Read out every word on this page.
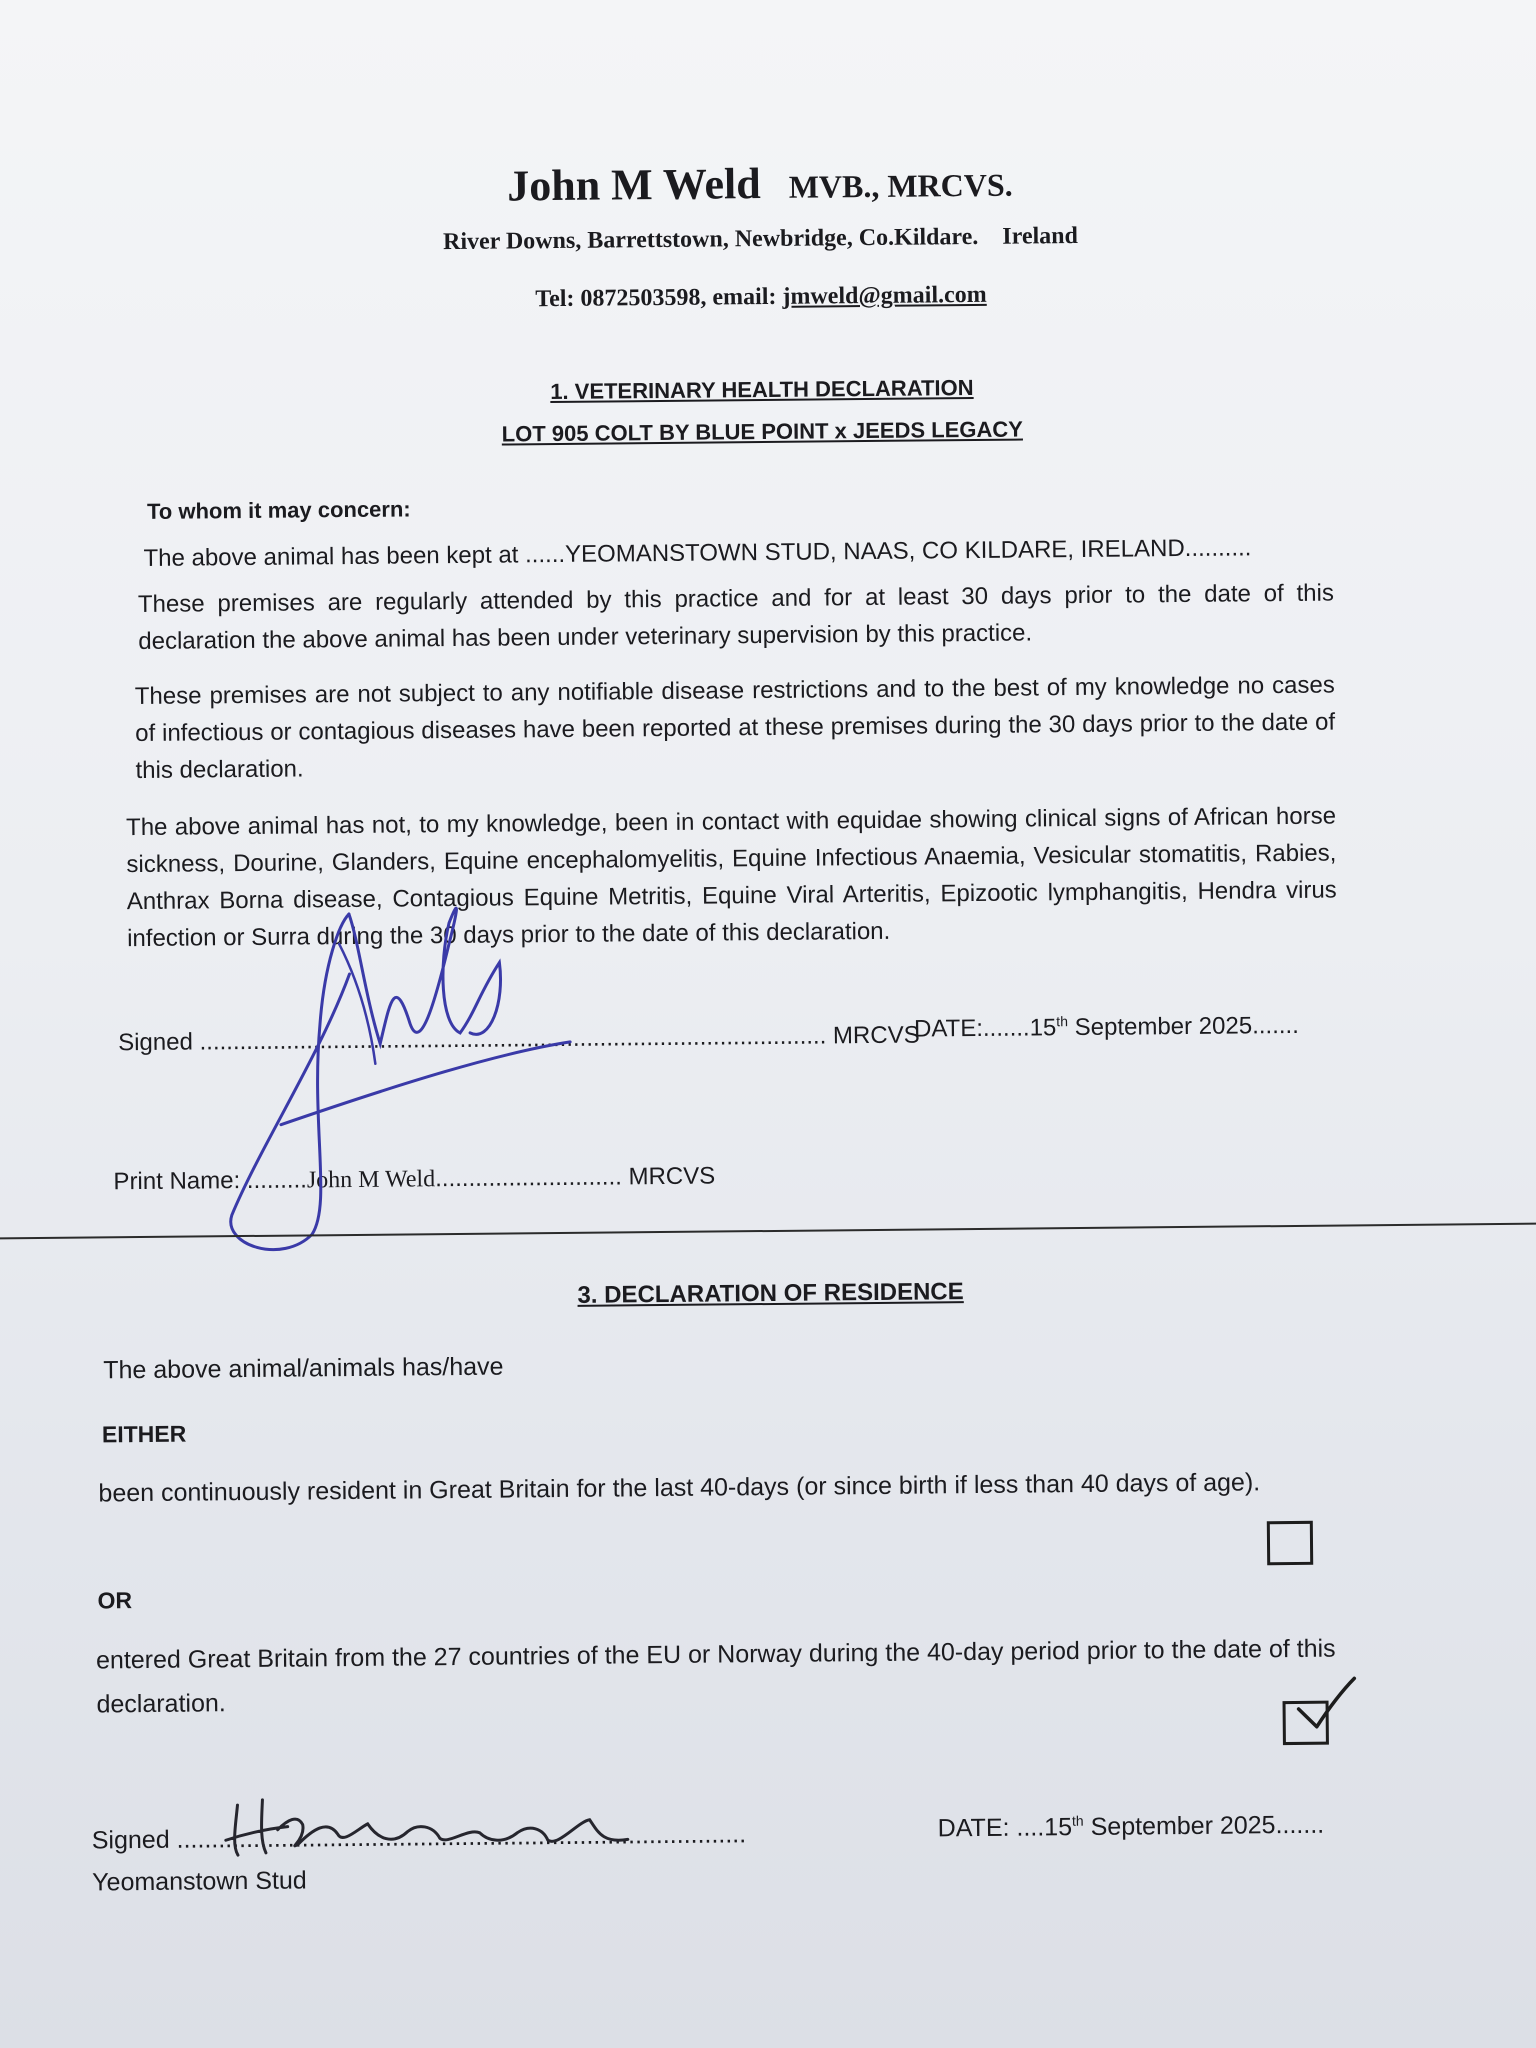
John M Weld MVB., MRCVS.
River Downs, Barrettstown, Newbridge, Co.Kildare. Ireland
Tel: 0872503598, email: jmweld@gmail.com
1. VETERINARY HEALTH DECLARATION
LOT 905 COLT BY BLUE POINT x JEEDS LEGACY
To whom it may concern:
The above animal has been kept at ......YEOMANSTOWN STUD, NAAS, CO KILDARE, IRELAND..........
These premises are regularly attended by this practice and for at least 30 days prior to the date of this declaration the above animal has been under veterinary supervision by this practice.
These premises are not subject to any notifiable disease restrictions and to the best of my knowledge no cases of infectious or contagious diseases have been reported at these premises during the 30 days prior to the date of this declaration.
The above animal has not, to my knowledge, been in contact with equidae showing clinical signs of African horse sickness, Dourine, Glanders, Equine encephalomyelitis, Equine Infectious Anaemia, Vesicular stomatitis, Rabies, Anthrax Borna disease, Contagious Equine Metritis, Equine Viral Arteritis, Epizootic lymphangitis, Hendra virus infection or Surra during the 30 days prior to the date of this declaration.
Signed .............................................................................................. MRCVS
DATE:.......15th September 2025.......
Print Name: .........John M Weld............................ MRCVS
3. DECLARATION OF RESIDENCE
The above animal/animals has/have
EITHER
been continuously resident in Great Britain for the last 40-days (or since birth if less than 40 days of age).
OR
entered Great Britain from the 27 countries of the EU or Norway during the 40-day period prior to the date of this declaration.
Signed ..................................................................................
Yeomanstown Stud
DATE: ....15th September 2025.......
